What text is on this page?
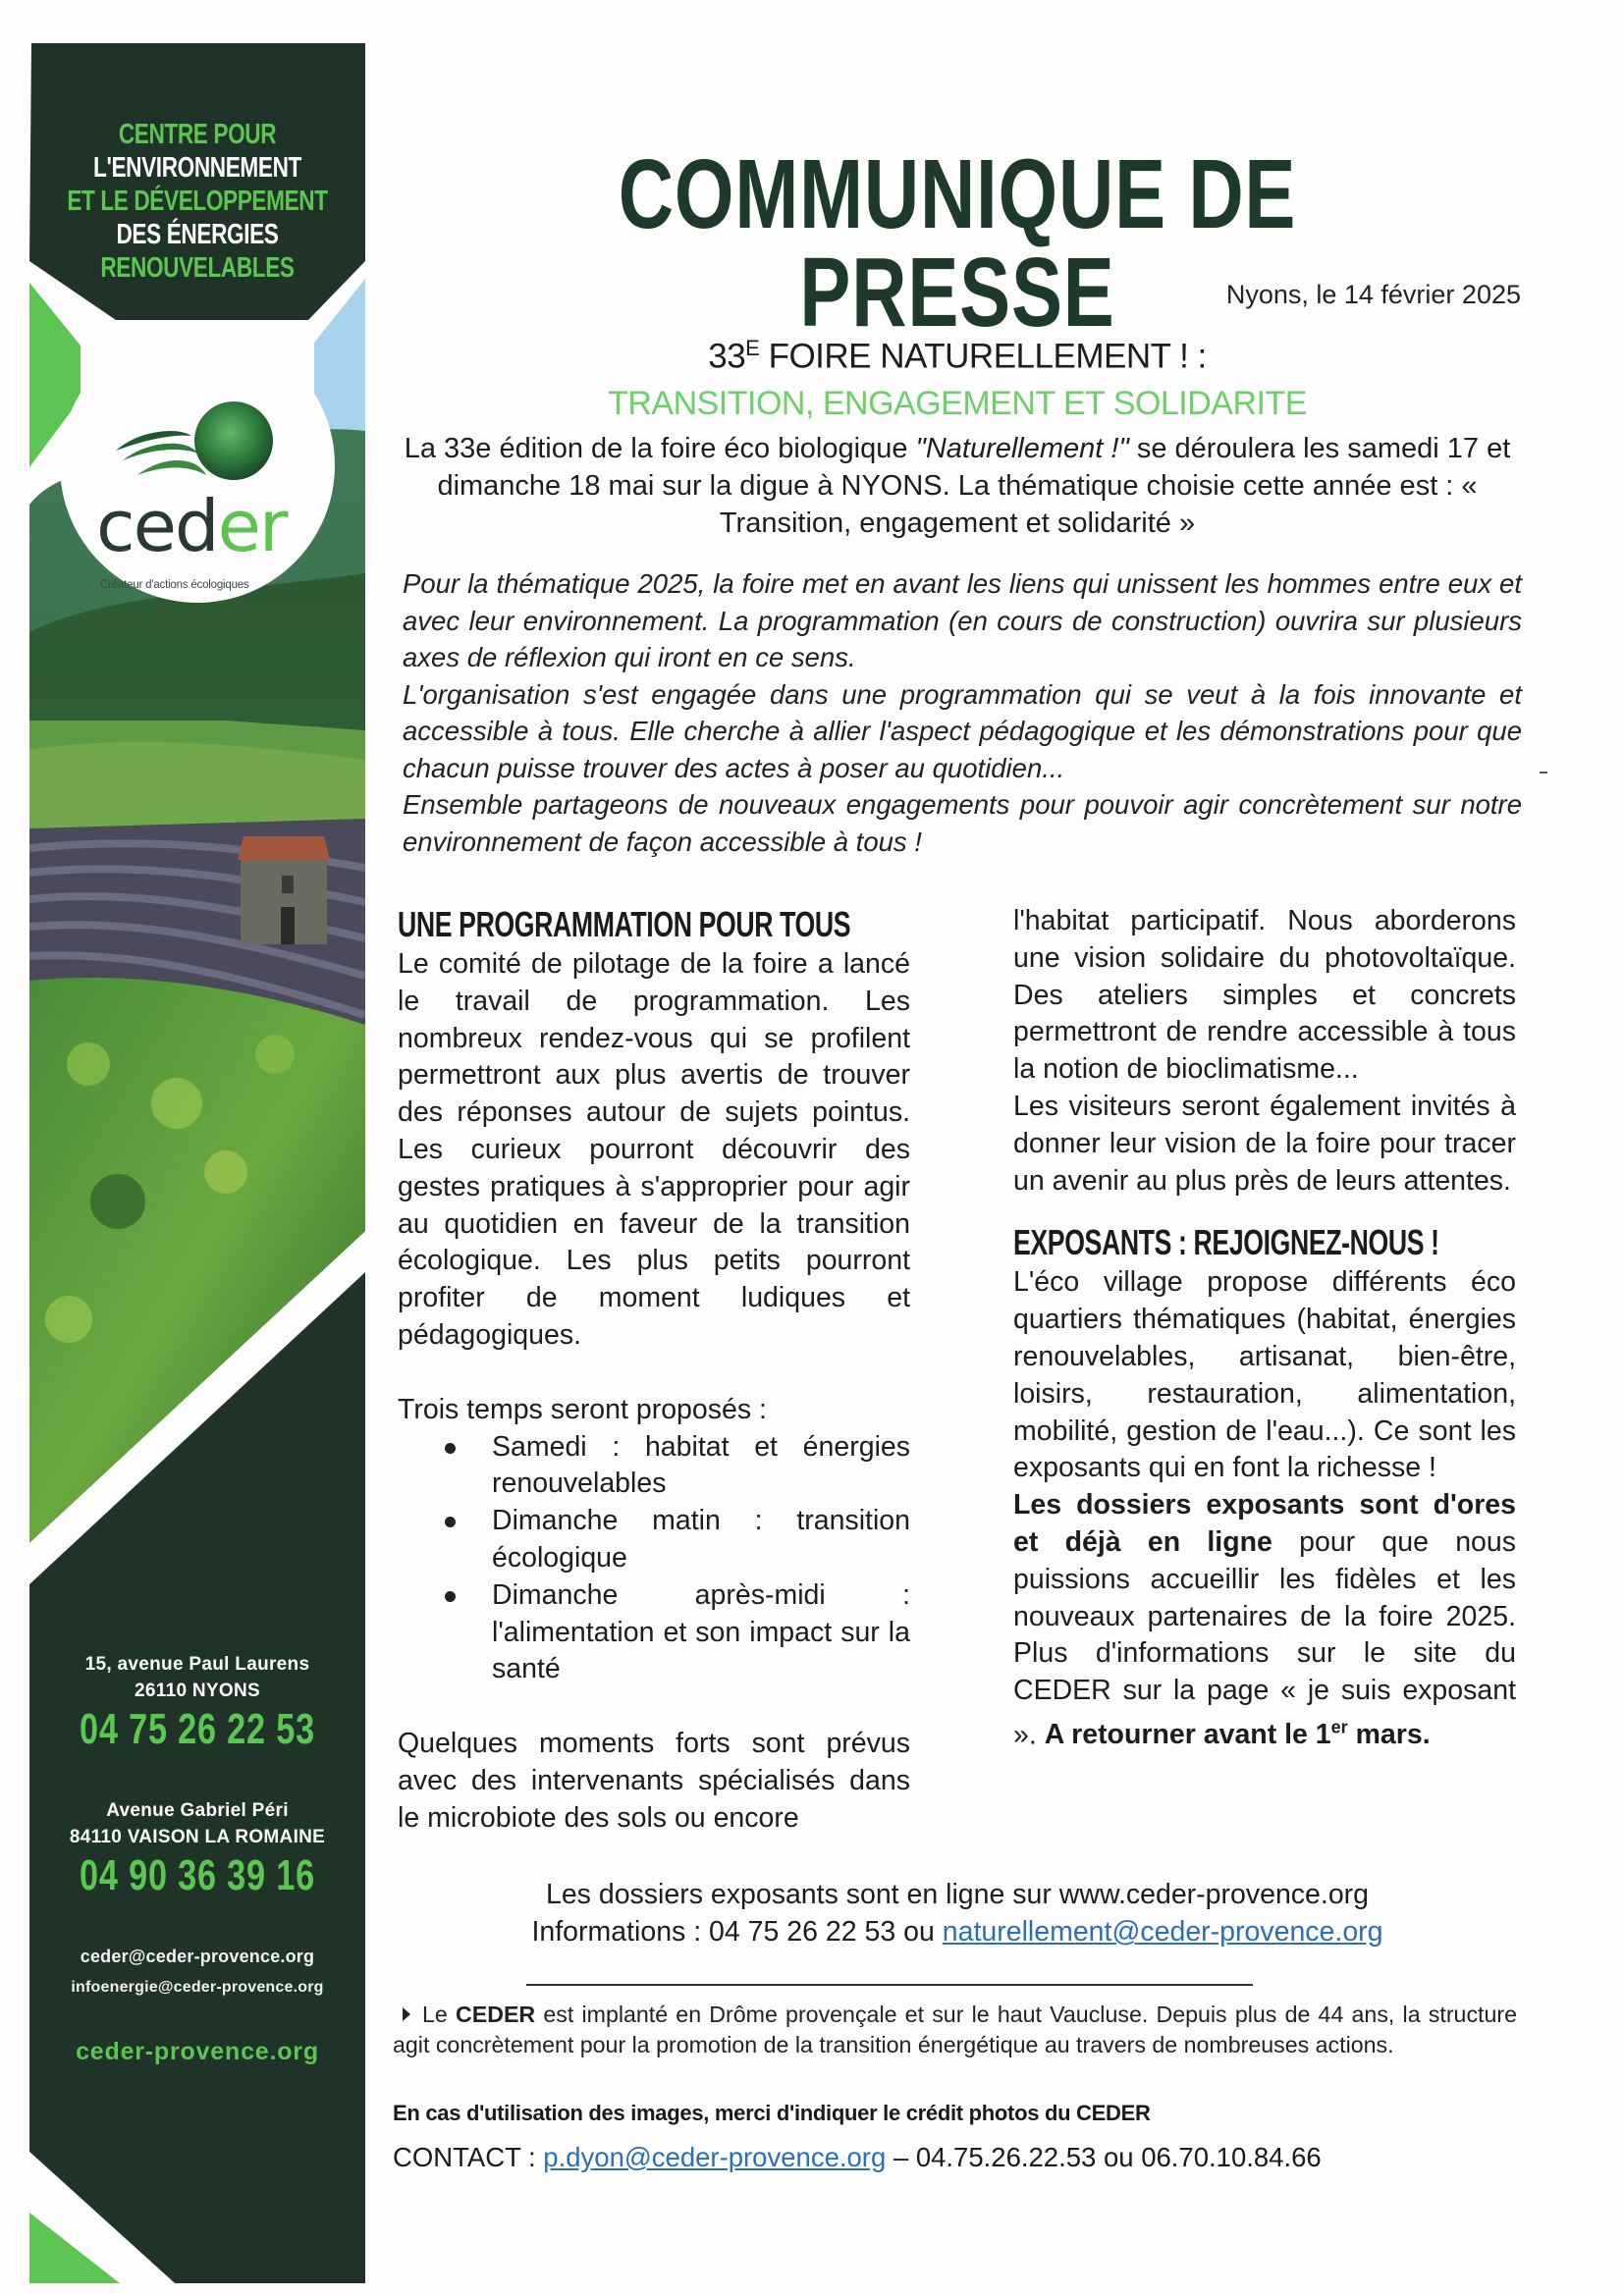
CENTRE POUR
L'ENVIRONNEMENT
ET LE DÉVELOPPEMENT
DES ÉNERGIES
RENOUVELABLES
ceder
Créateur d'actions écologiques
15, avenue Paul Laurens
26110 NYONS
04 75 26 22 53
Avenue Gabriel Péri
84110 VAISON LA ROMAINE
04 90 36 39 16
ceder@ceder-provence.org
infoenergie@ceder-provence.org
ceder-provence.org
COMMUNIQUE DE PRESSE	Nyons, le 14 février 2025
$33^E$ FOIRE NATURELLEMENT ! :
TRANSITION, ENGAGEMENT ET SOLIDARITE
La 33e édition de la foire éco biologique "Naturellement !" se déroulera les samedi 17 et dimanche 18 mai sur la digue à NYONS. La thématique choisie cette année est : « Transition, engagement et solidarité »

Pour la thématique 2025, la foire met en avant les liens qui unissent les hommes entre eux et avec leur environnement. La programmation (en cours de construction) ouvrira sur plusieurs axes de réflexion qui iront en ce sens.

L'organisation s'est engagée dans une programmation qui se veut à la fois innovante et accessible à tous. Elle cherche à allier l'aspect pédagogique et les démonstrations pour que chacun puisse trouver des actes à poser au quotidien...

Ensemble partageons de nouveaux engagements pour pouvoir agir concrètement sur notre environnement de façon accessible à tous !

UNE PROGRAMMATION POUR TOUS

Le comité de pilotage de la foire a lancé le travail de programmation. Les nombreux rendez-vous qui se profilent permettront aux plus avertis de trouver des réponses autour de sujets pointus. Les curieux pourront découvrir des gestes pratiques à s'approprier pour agir au quotidien en faveur de la transition écologique. Les plus petits pourront profiter de moment ludiques et pédagogiques.

Trois temps seront proposés :

Samedi : habitat et énergies renouvelables
Dimanche matin : transition écologique
Dimanche après-midi : l'alimentation et son impact sur la santé

Quelques moments forts sont prévus avec des intervenants spécialisés dans le microbiote des sols ou encore

l'habitat participatif. Nous aborderons une vision solidaire du photovoltaïque. Des ateliers simples et concrets permettront de rendre accessible à tous la notion de bioclimatisme...

Les visiteurs seront également invités à donner leur vision de la foire pour tracer un avenir au plus près de leurs attentes.

EXPOSANTS : REJOIGNEZ-NOUS !

L'éco village propose différents éco quartiers thématiques (habitat, énergies renouvelables, artisanat, bien-être, loisirs, restauration, alimentation, mobilité, gestion de l'eau...). Ce sont les exposants qui en font la richesse !

Les dossiers exposants sont d'ores et déjà en ligne pour que nous puissions accueillir les fidèles et les nouveaux partenaires de la foire 2025. Plus d'informations sur le site du CEDER sur la page « je suis exposant ». A retourner avant le 1er mars.

Les dossiers exposants sont en ligne sur www.ceder-provence.org
Informations : 04 75 26 22 53 ou naturellement@ceder-provence.org
Le CEDER est implanté en Drôme provençale et sur le haut Vaucluse. Depuis plus de 44 ans, la structure agit concrètement pour la promotion de la transition énergétique au travers de nombreuses actions.
En cas d'utilisation des images, merci d'indiquer le crédit photos du CEDER
CONTACT : p.dyon@ceder-provence.org – 04.75.26.22.53 ou 06.70.10.84.66
